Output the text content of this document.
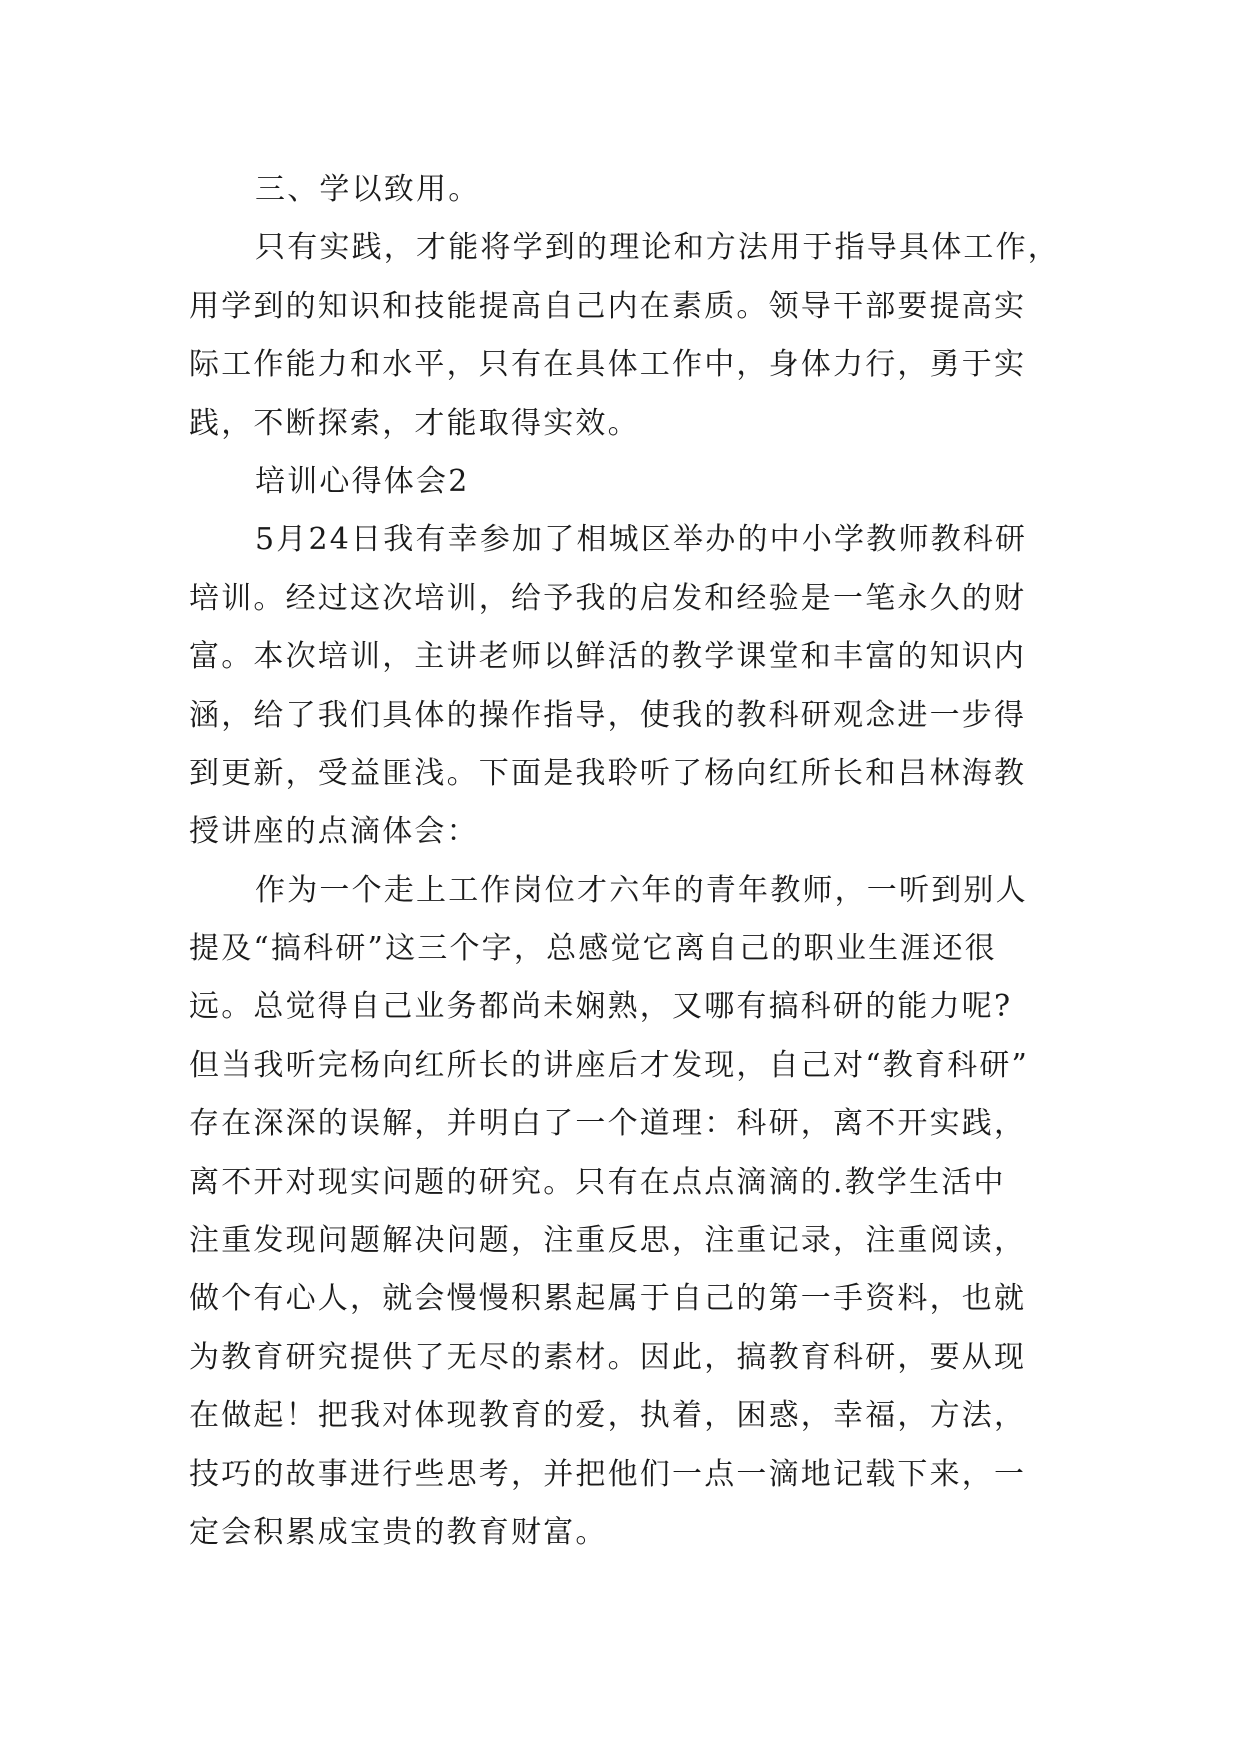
三、学以致用。
只有实践，才能将学到的理论和方法用于指导具体工作，
用学到的知识和技能提高自己内在素质。领导干部要提高实
际工作能力和水平，只有在具体工作中，身体力行，勇于实
践，不断探索，才能取得实效。
培训心得体会2
5月24日我有幸参加了相城区举办的中小学教师教科研
培训。经过这次培训，给予我的启发和经验是一笔永久的财
富。本次培训，主讲老师以鲜活的教学课堂和丰富的知识内
涵，给了我们具体的操作指导，使我的教科研观念进一步得
到更新，受益匪浅。下面是我聆听了杨向红所长和吕林海教
授讲座的点滴体会：
作为一个走上工作岗位才六年的青年教师，一听到别人
提及“搞科研”这三个字，总感觉它离自己的职业生涯还很
远。总觉得自己业务都尚未娴熟，又哪有搞科研的能力呢?
但当我听完杨向红所长的讲座后才发现，自己对“教育科研”
存在深深的误解，并明白了一个道理：科研，离不开实践，
离不开对现实问题的研究。只有在点点滴滴的.教学生活中
注重发现问题解决问题，注重反思，注重记录，注重阅读，
做个有心人，就会慢慢积累起属于自己的第一手资料，也就
为教育研究提供了无尽的素材。因此，搞教育科研，要从现
在做起！把我对体现教育的爱，执着，困惑，幸福，方法，
技巧的故事进行些思考，并把他们一点一滴地记载下来，一
定会积累成宝贵的教育财富。
